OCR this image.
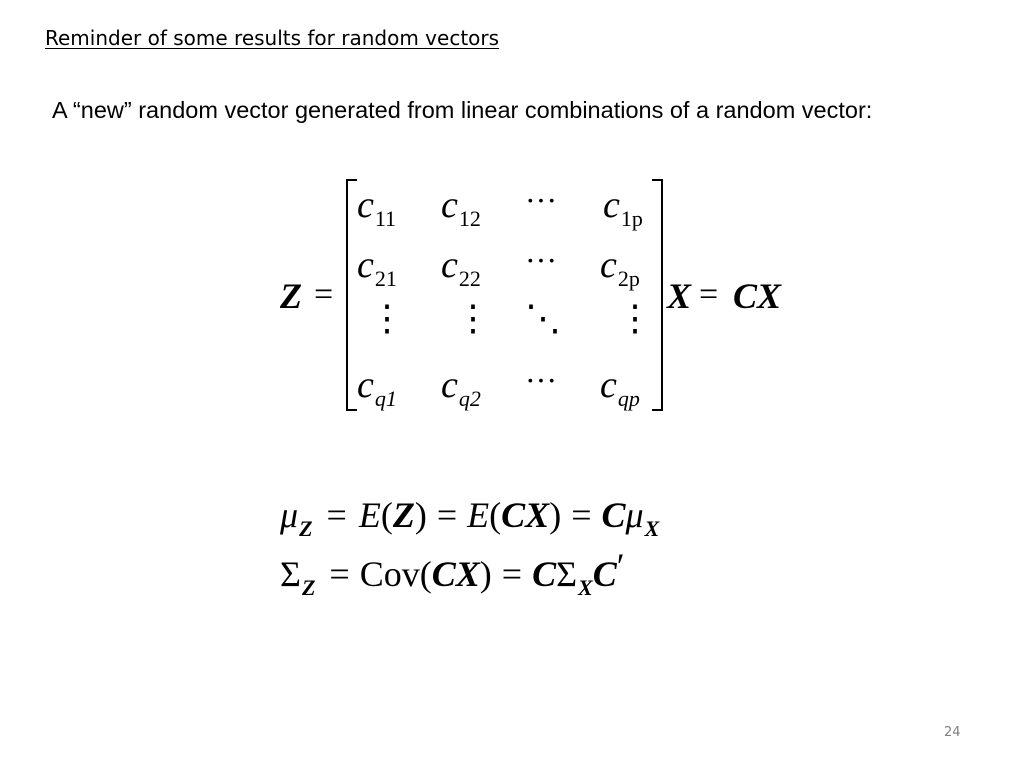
Reminder of some results for random vectors
A “new” random vector generated from linear combinations of a random vector:
Z =
$c_{11}$ $c_{12}$
··· $c_{1p}$
$c_{21}$ $c_{22}$
··· $c_{2p}$
⋮ ⋮ ⋱ ⋮
$c_{q1}$ $c_{q2}$
··· $c_{qp}$
X = CX
$\mu_Z = E(Z) = E(CX) = C\mu_X$
$\Sigma_Z = Cov(CX) = C\Sigma_XC'$
24
